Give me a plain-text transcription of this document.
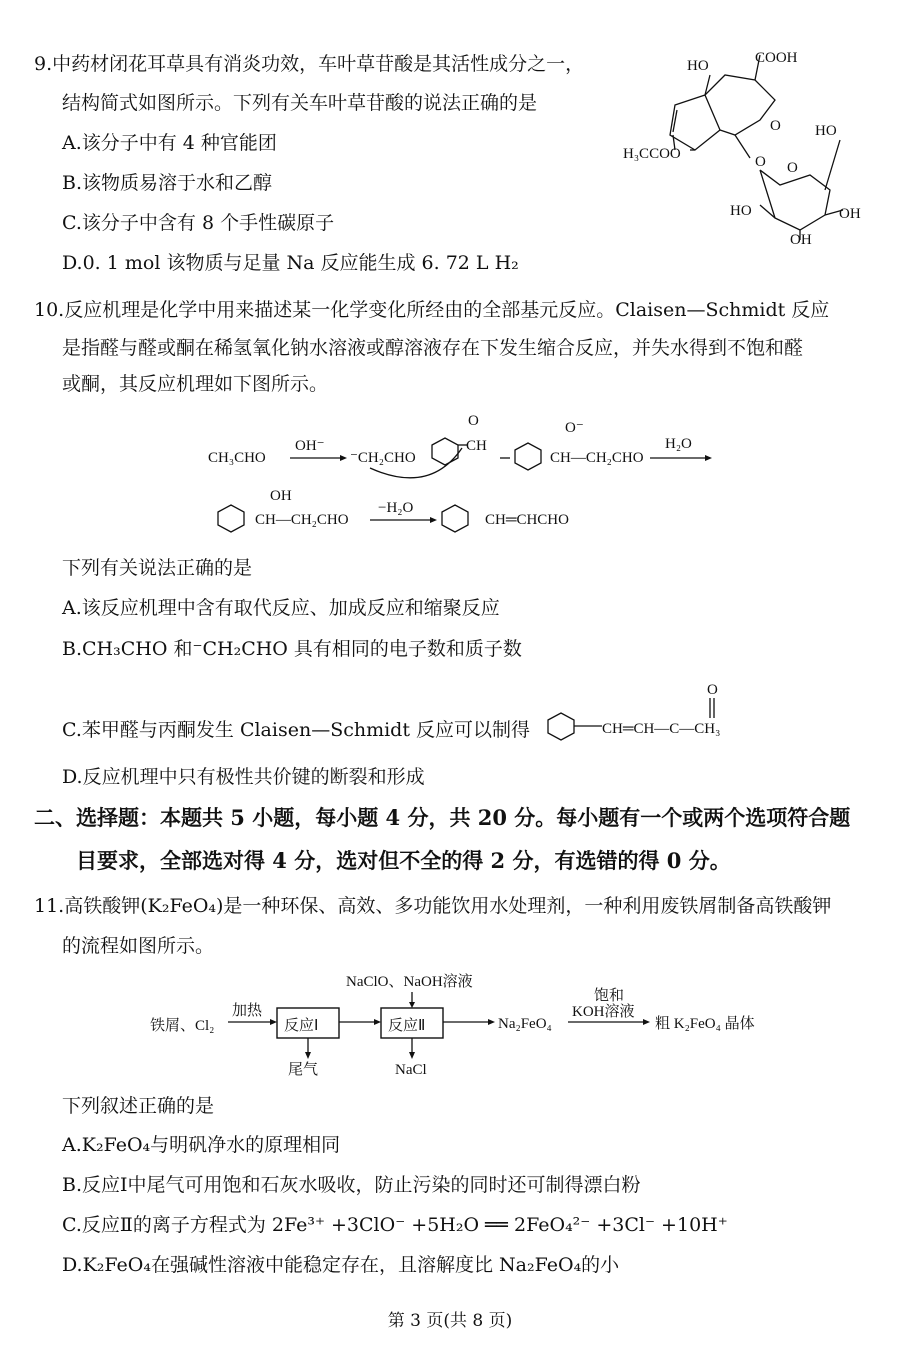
9.中药材闭花耳草具有消炎功效，车叶草苷酸是其活性成分之一，
结构简式如图所示。下列有关车叶草苷酸的说法正确的是
A.该分子中有 4 种官能团
B.该物质易溶于水和乙醇
C.该分子中含有 8 个手性碳原子
D.0. 1 mol 该物质与足量 Na 反应能生成 6. 72 L H₂
HO	COOH
O
H₃CCOO	O
HO
HO
OH
OH
O
10.反应机理是化学中用来描述某一化学变化所经由的全部基元反应。Claisen—Schmidt 反应
是指醛与醛或酮在稀氢氧化钠水溶液或醇溶液存在下发生缩合反应，并失水得到不饱和醛
或酮，其反应机理如下图所示。
CH₃CHO
OH⁻
⁻CH₂CHO
O
CH
O⁻
CH—CH₂CHO
H₂O
OH
CH—CH₂CHO
−H₂O
CH═CHCHO
下列有关说法正确的是
A.该反应机理中含有取代反应、加成反应和缩聚反应
B.CH₃CHO 和⁻CH₂CHO 具有相同的电子数和质子数
C.苯甲醛与丙酮发生 Claisen—Schmidt 反应可以制得	CH═CH—C—CH₃
O
D.反应机理中只有极性共价键的断裂和形成
二、选择题：本题共 5 小题，每小题 4 分，共 20 分。每小题有一个或两个选项符合题
目要求，全部选对得 4 分，选对但不全的得 2 分，有选错的得 0 分。
11.高铁酸钾(K₂FeO₄)是一种环保、高效、多功能饮用水处理剂，一种利用废铁屑制备高铁酸钾
的流程如图所示。
铁屑、Cl₂
加热
反应Ⅰ
尾气
NaClO、NaOH溶液
反应Ⅱ
NaCl
Na₂FeO₄
饱和
KOH溶液
粗 K₂FeO₄ 晶体
下列叙述正确的是
A.K₂FeO₄与明矾净水的原理相同
B.反应Ⅰ中尾气可用饱和石灰水吸收，防止污染的同时还可制得漂白粉
C.反应Ⅱ的离子方程式为 2Fe³⁺ +3ClO⁻ +5H₂O ══ 2FeO₄²⁻ +3Cl⁻ +10H⁺
D.K₂FeO₄在强碱性溶液中能稳定存在，且溶解度比 Na₂FeO₄的小
第 3 页(共 8 页)
